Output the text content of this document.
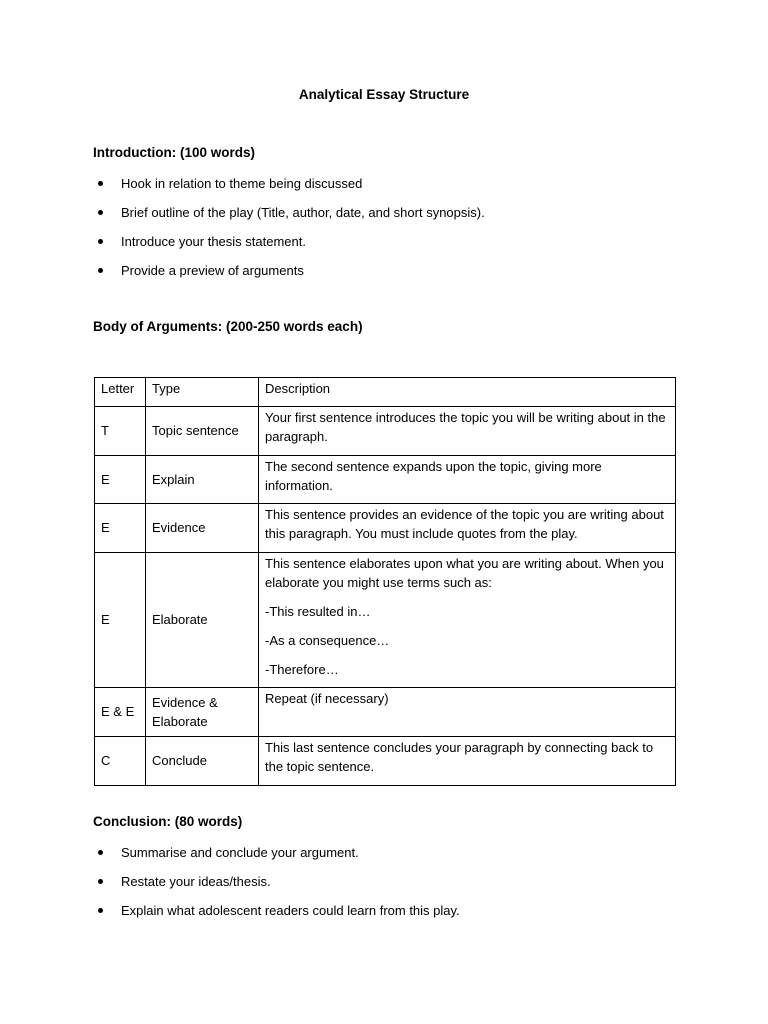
Analytical Essay Structure
Introduction: (100 words)
Hook in relation to theme being discussed
Brief outline of the play (Title, author, date, and short synopsis).
Introduce your thesis statement.
Provide a preview of arguments
Body of Arguments: (200-250 words each)
Letter	Type	Description
T	Topic sentence	Your first sentence introduces the topic you will be writing about in the paragraph.

E	Explain	The second sentence expands upon the topic, giving more information.

E	Evidence	This sentence provides an evidence of the topic you are writing about this paragraph. You must include quotes from the play.

E	Elaborate	This sentence elaborates upon what you are writing about. When you elaborate you might use terms such as:

-This resulted in…

-As a consequence…

-Therefore…

E & E	Evidence & Elaborate	Repeat (if necessary)

C	Conclude	This last sentence concludes your paragraph by connecting back to the topic sentence.

Conclusion: (80 words)
Summarise and conclude your argument.
Restate your ideas/thesis.
Explain what adolescent readers could learn from this play.
